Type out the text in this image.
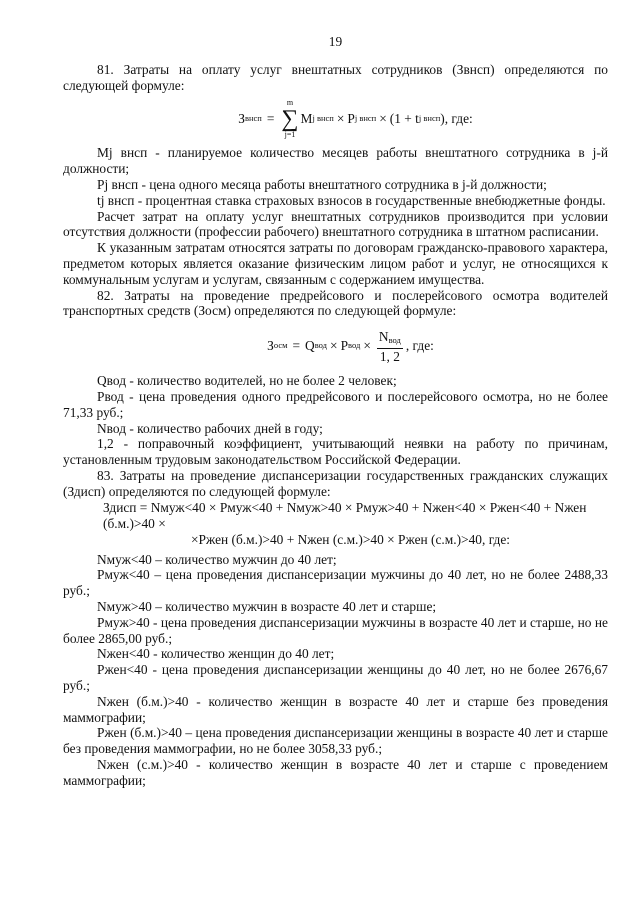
19

81. Затраты на оплату услуг внештатных сотрудников (Звнсп) определяются по следующей формуле:

З внсп =
m
∑
j=1
M j внсп × P j внсп × (1 + t j внсп ), где:

Mj внсп - планируемое количество месяцев работы внештатного сотрудника в j-й должности;

Pj внсп - цена одного месяца работы внештатного сотрудника в j-й должности;

tj внсп - процентная ставка страховых взносов в государственные внебюджетные фонды.

Расчет затрат на оплату услуг внештатных сотрудников производится при условии отсутствия должности (профессии рабочего) внештатного сотрудника в штатном расписании.

К указанным затратам относятся затраты по договорам гражданско-правового характера, предметом которых является оказание физическим лицом работ и услуг, не относящихся к коммунальным услугам и услугам, связанным с содержанием имущества.

82. Затраты на проведение предрейсового и послерейсового осмотра водителей транспортных средств (Зосм) определяются по следующей формуле:

З осм = Q вод × P вод × $\frac{N_{вод}}{1, 2}$ , где:

Qвод - количество водителей, но не более 2 человек;

Pвод - цена проведения одного предрейсового и послерейсового осмотра, но не более 71,33 руб.;

Nвод - количество рабочих дней в году;

1,2 - поправочный коэффициент, учитывающий неявки на работу по причинам, установленным трудовым законодательством Российской Федерации.

83. Затраты на проведение диспансеризации государственных гражданских служащих (Здисп) определяются по следующей формуле:

Здисп = Nмуж<40 × Рмуж<40 + Nмуж>40 × Рмуж>40 + Nжен<40 × Ржен<40 + Nжен (б.м.)>40 ×
×Ржен (б.м.)>40 + Nжен (с.м.)>40 × Ржен (с.м.)>40, где:

Nмуж<40 – количество мужчин до 40 лет;

Рмуж<40 – цена проведения диспансеризации мужчины до 40 лет, но не более 2488,33 руб.;

Nмуж>40 – количество мужчин в возрасте 40 лет и старше;

Рмуж>40 - цена проведения диспансеризации мужчины в возрасте 40 лет и старше, но не более 2865,00 руб.;

Nжен<40 - количество женщин до 40 лет;

Ржен<40 - цена проведения диспансеризации женщины до 40 лет, но не более 2676,67 руб.;

Nжен (б.м.)>40 - количество женщин в возрасте 40 лет и старше без проведения маммографии;

Ржен (б.м.)>40 – цена проведения диспансеризации женщины в возрасте 40 лет и старше без проведения маммографии, но не более 3058,33 руб.;

Nжен (с.м.)>40 - количество женщин в возрасте 40 лет и старше с проведением маммографии;
